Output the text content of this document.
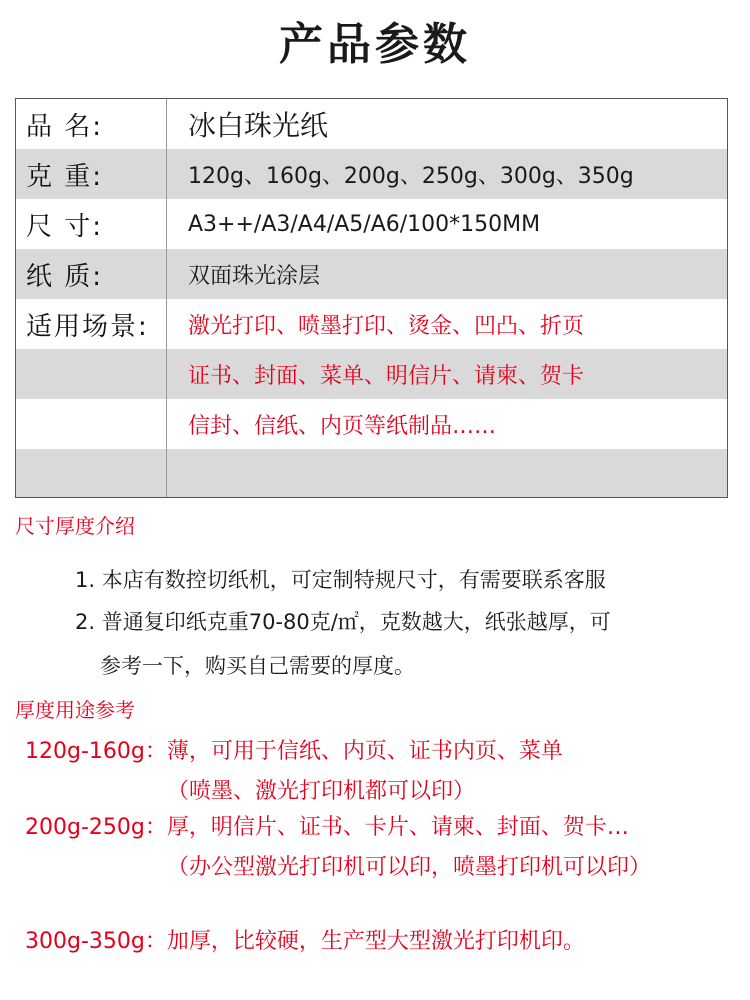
产品参数
品 名:	冰白珠光纸
克 重:	120g、160g、200g、250g、300g、350g
尺 寸:	A3++/A3/A4/A5/A6/100*150MM
纸 质:	双面珠光涂层
适用场景:	激光打印、喷墨打印、烫金、凹凸、折页
证书、封面、菜单、明信片、请柬、贺卡
信封、信纸、内页等纸制品……
尺寸厚度介绍
1. 本店有数控切纸机，可定制特规尺寸，有需要联系客服
2. 普通复印纸克重70-80克/㎡，克数越大，纸张越厚，可
参考一下，购买自己需要的厚度。
厚度用途参考
120g-160g：薄，可用于信纸、内页、证书内页、菜单
（喷墨、激光打印机都可以印）
200g-250g：厚，明信片、证书、卡片、请柬、封面、贺卡…
（办公型激光打印机可以印，喷墨打印机可以印）
300g-350g：加厚，比较硬，生产型大型激光打印机印。
